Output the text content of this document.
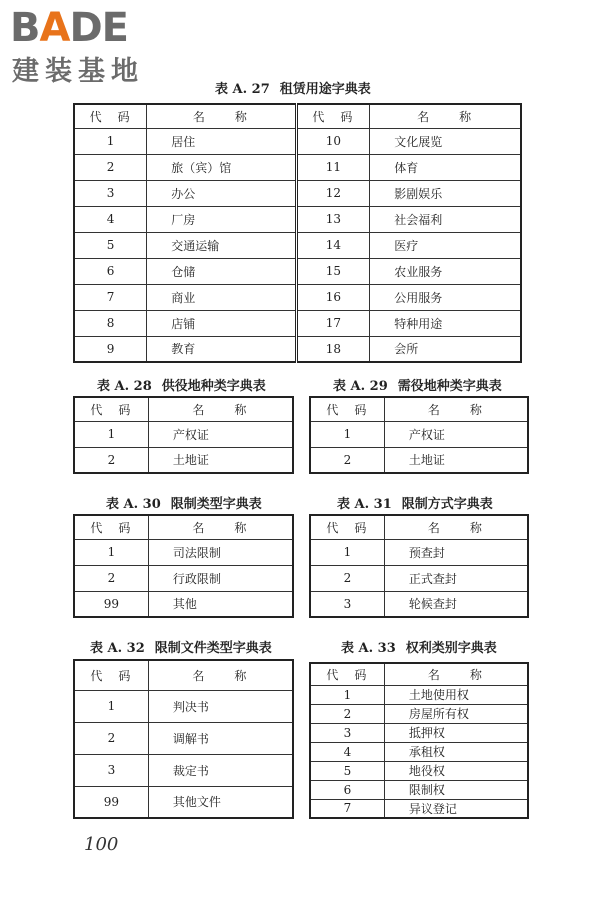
BADE
建装基地
表 A. 27 租赁用途字典表
代　码	名　　称	代　码	名　　称
1	居住	10	文化展览
2	旅（宾）馆	11	体育
3	办公	12	影剧娱乐
4	厂房	13	社会福利
5	交通运输	14	医疗
6	仓储	15	农业服务
7	商业	16	公用服务
8	店铺	17	特种用途
9	教育	18	会所
表 A. 28 供役地种类字典表
代　码	名　　称
1	产权证
2	土地证
表 A. 29 需役地种类字典表
代　码	名　　称
1	产权证
2	土地证
表 A. 30 限制类型字典表
代　码	名　　称
1	司法限制
2	行政限制
99	其他
表 A. 31 限制方式字典表
代　码	名　　称
1	预查封
2	正式查封
3	轮候查封
表 A. 32 限制文件类型字典表
代　码	名　　称
1	判决书
2	调解书
3	裁定书
99	其他文件
表 A. 33 权利类别字典表
代　码	名　　称
1	土地使用权
2	房屋所有权
3	抵押权
4	承租权
5	地役权
6	限制权
7	异议登记
100
